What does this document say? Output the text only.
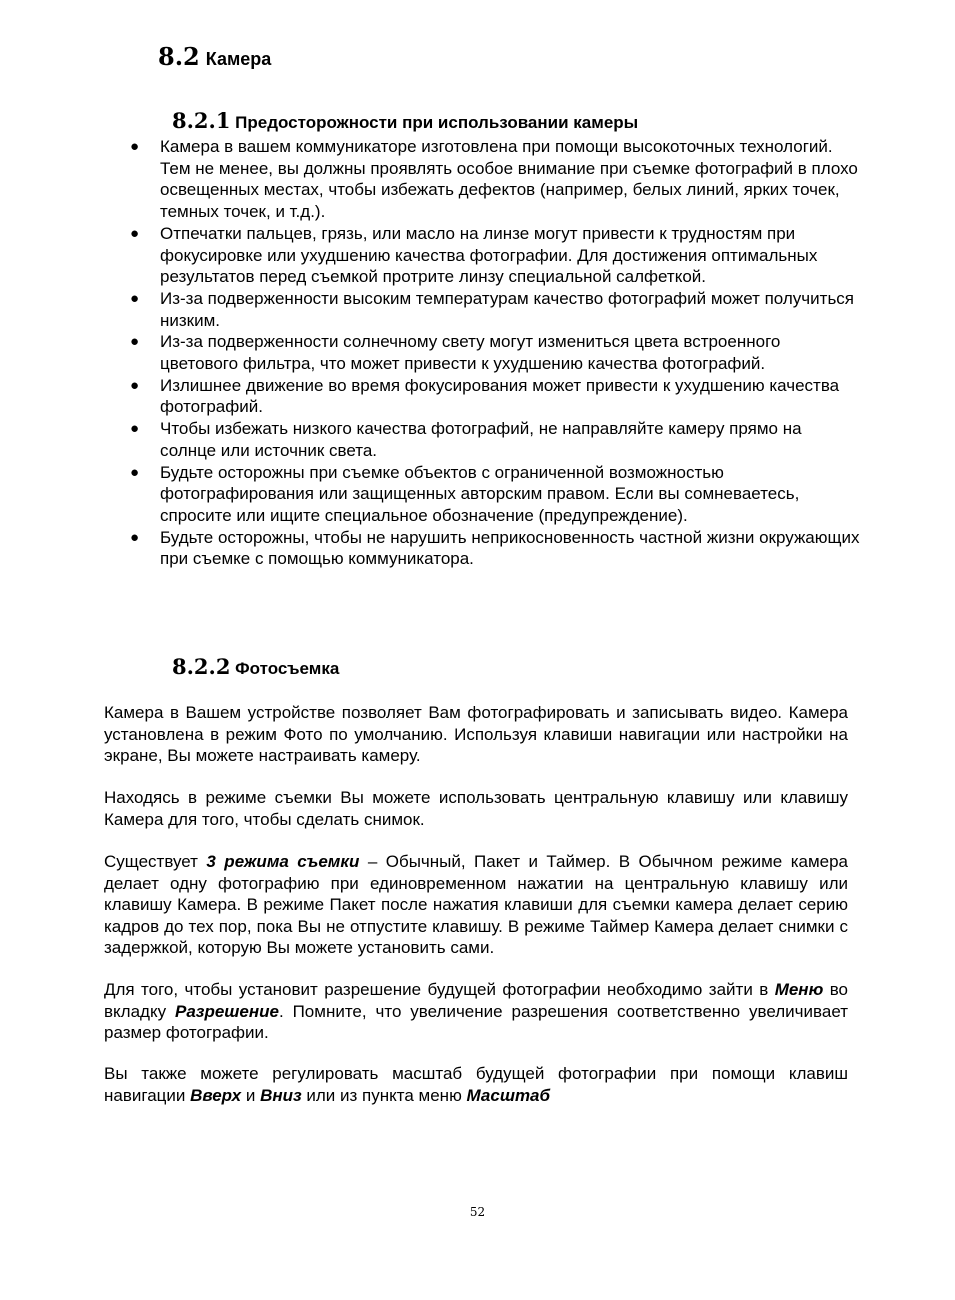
8.2 Камера
8.2.1 Предосторожности при использовании камеры
● Камера в вашем коммуникаторе изготовлена при помощи высокоточных технологий. Тем не менее, вы должны проявлять особое внимание при съемке фотографий в плохо освещенных местах, чтобы избежать дефектов (например, белых линий, ярких точек, темных точек, и т.д.).
● Отпечатки пальцев, грязь, или масло на линзе могут привести к трудностям при фокусировке или ухудшению качества фотографии. Для достижения оптимальных результатов перед съемкой протрите линзу специальной салфеткой.
● Из-за подверженности высоким температурам качество фотографий может получиться низким.
● Из-за подверженности солнечному свету могут измениться цвета встроенного цветового фильтра, что может привести к ухудшению качества фотографий.
● Излишнее движение во время фокусирования может привести к ухудшению качества фотографий.
● Чтобы избежать низкого качества фотографий, не направляйте камеру прямо на солнце или источник света.
● Будьте осторожны при съемке объектов с ограниченной возможностью фотографирования или защищенных авторским правом. Если вы сомневаетесь, спросите или ищите специальное обозначение (предупреждение).
● Будьте осторожны, чтобы не нарушить неприкосновенность частной жизни окружающих при съемке с помощью коммуникатора.
8.2.2 Фотосъемка

Камера в Вашем устройстве позволяет Вам фотографировать и записывать видео. Камера установлена в режим Фото по умолчанию. Используя клавиши навигации или настройки на экране, Вы можете настраивать камеру.

Находясь в режиме съемки Вы можете использовать центральную клавишу или клавишу Камера для того, чтобы сделать снимок.

Существует 3 режима съемки – Обычный, Пакет и Таймер. В Обычном режиме камера делает одну фотографию при единовременном нажатии на центральную клавишу или клавишу Камера. В режиме Пакет после нажатия клавиши для съемки камера делает серию кадров до тех пор, пока Вы не отпустите клавишу. В режиме Таймер Камера делает снимки с задержкой, которую Вы можете установить сами.

Для того, чтобы установит разрешение будущей фотографии необходимо зайти в Меню во вкладку Разрешение. Помните, что увеличение разрешения соответственно увеличивает размер фотографии.

Вы также можете регулировать масштаб будущей фотографии при помощи клавиш навигации Вверх и Вниз или из пункта меню Масштаб

52
